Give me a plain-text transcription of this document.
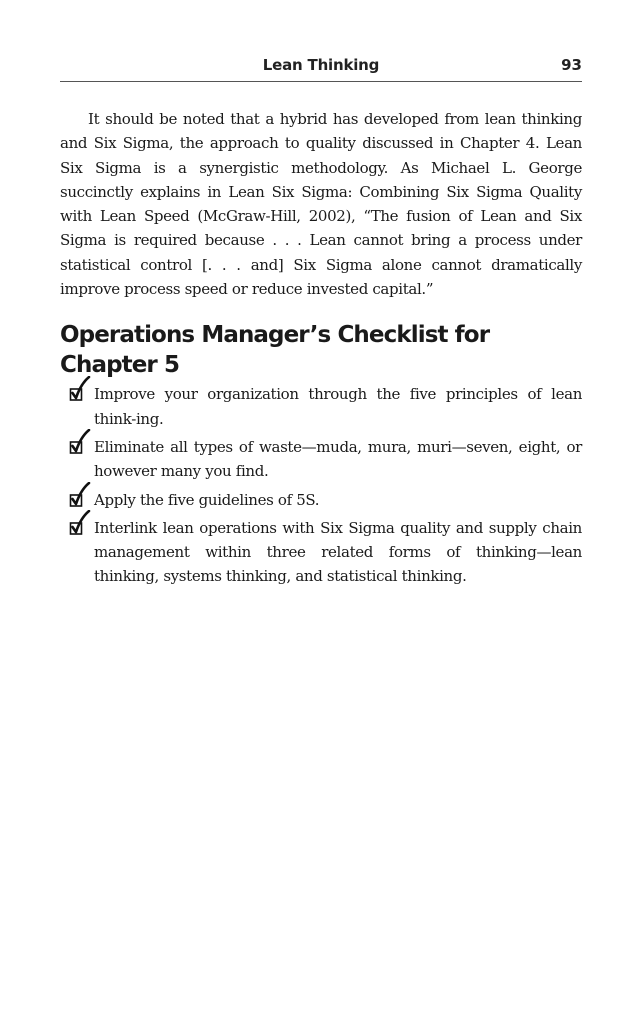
Lean Thinking	93

It should be noted that a hybrid has developed from lean thinking and Six Sigma, the approach to quality discussed in Chapter 4. Lean Six Sigma is a synergistic methodology. As Michael L. George succinctly explains in Lean Six Sigma: Combining Six Sigma Quality with Lean Speed (McGraw-Hill, 2002), “The fusion of Lean and Six Sigma is required because . . . Lean cannot bring a process under statistical control [. . . and] Six Sigma alone cannot dramatically improve process speed or reduce invested capital.”

Operations Manager’s Checklist for Chapter 5
Improve your organization through the five principles of lean think-ing.
Eliminate all types of waste—muda, mura, muri—seven, eight, or however many you find.
Apply the five guidelines of 5S.
Interlink lean operations with Six Sigma quality and supply chain management within three related forms of thinking—lean thinking, systems thinking, and statistical thinking.
